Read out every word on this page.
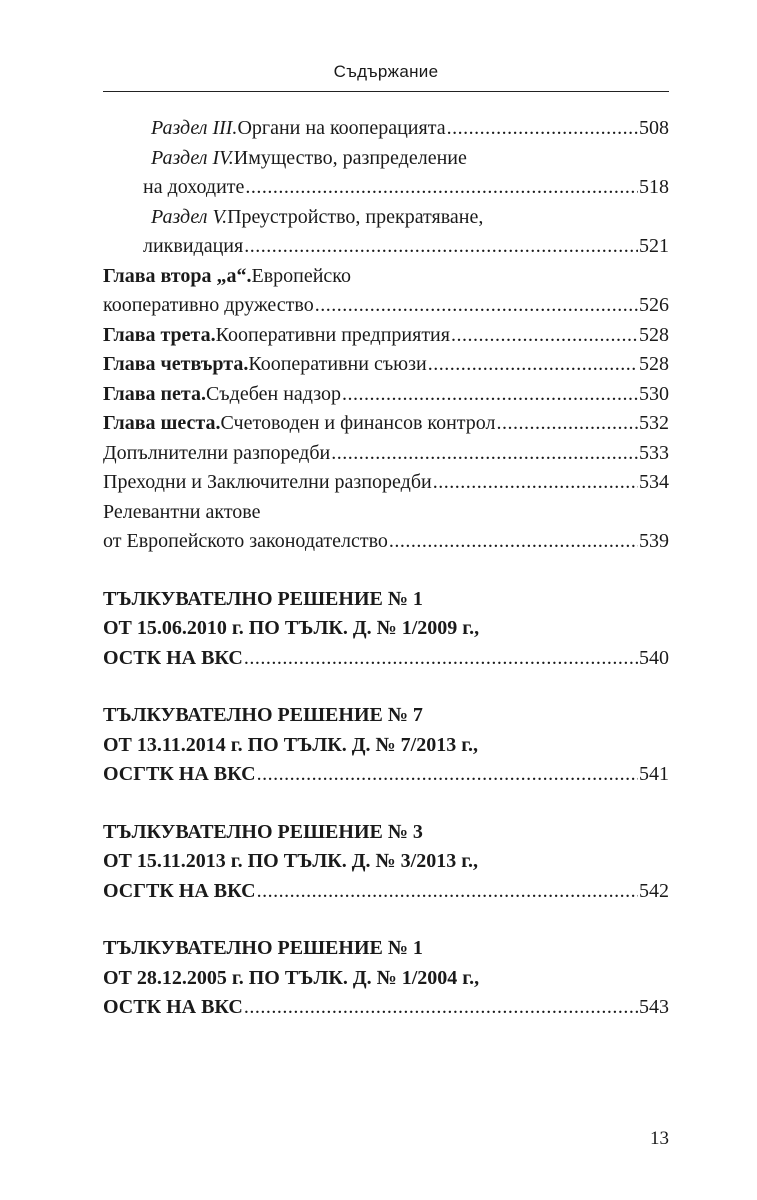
Съдържание
Раздел III. Органи на кооперацията .....	508
Раздел IV. Имущество, разпределение
на доходите .....	518
Раздел V. Преустройство, прекратяване,
ликвидация .....	521
Глава втора „а“. Европейско
кооперативно дружество .....	526
Глава трета. Кооперативни предприятия .....	528
Глава четвърта. Кооперативни съюзи .....	528
Глава пета. Съдебен надзор .....	530
Глава шеста. Счетоводен и финансов контрол .....	532
Допълнителни разпоредби .....	533
Преходни и Заключителни разпоредби .....	534
Релевантни актове
от Европейското законодателство .....	539
ТЪЛКУВАТЕЛНО РЕШЕНИЕ № 1
ОТ 15.06.2010 г. ПО ТЪЛК. Д. № 1/2009 г.,
ОСТК НА ВКС .....	540
ТЪЛКУВАТЕЛНО РЕШЕНИЕ № 7
ОТ 13.11.2014 г. ПО ТЪЛК. Д. № 7/2013 г.,
ОСГТК НА ВКС .....	541
ТЪЛКУВАТЕЛНО РЕШЕНИЕ № 3
ОТ 15.11.2013 г. ПО ТЪЛК. Д. № 3/2013 г.,
ОСГТК НА ВКС .....	542
ТЪЛКУВАТЕЛНО РЕШЕНИЕ № 1
ОТ 28.12.2005 г. ПО ТЪЛК. Д. № 1/2004 г.,
ОСТК НА ВКС .....	543
13
